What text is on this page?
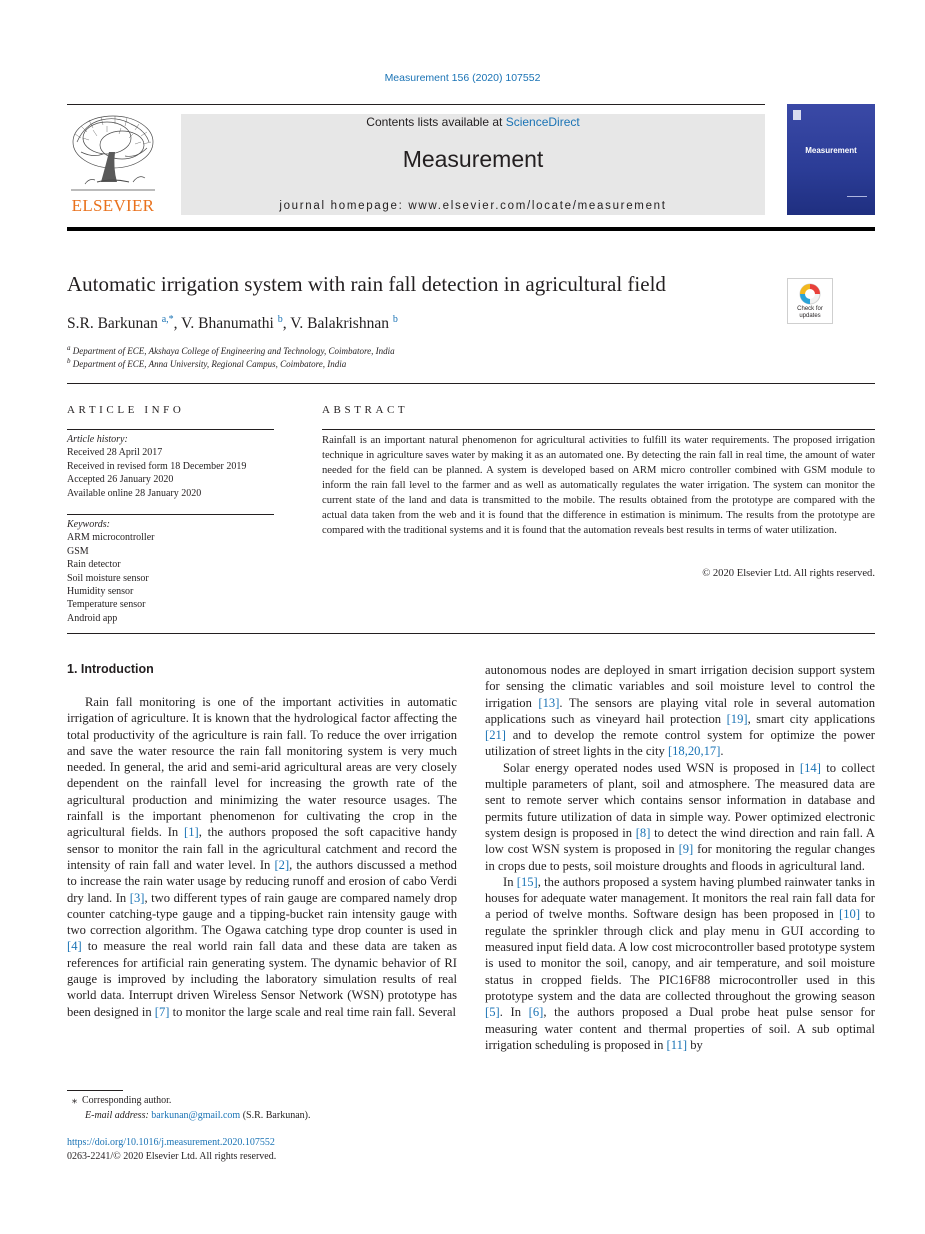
Measurement 156 (2020) 107552
ELSEVIER
Contents lists available at ScienceDirect
Measurement
journal homepage: www.elsevier.com/locate/measurement
Measurement
Automatic irrigation system with rain fall detection in agricultural field
Check for updates
S.R. Barkunan $^{a,*}$, V. Bhanumathi $^b$, V. Balakrishnan $^b$
$^a$ Department of ECE, Akshaya College of Engineering and Technology, Coimbatore, India
$^b$ Department of ECE, Anna University, Regional Campus, Coimbatore, India
ARTICLE INFO
Article history:
Received 28 April 2017
Received in revised form 18 December 2019
Accepted 26 January 2020
Available online 28 January 2020
Keywords:
ARM microcontroller
GSM
Rain detector
Soil moisture sensor
Humidity sensor
Temperature sensor
Android app
ABSTRACT
Rainfall is an important natural phenomenon for agricultural activities to fulfill its water requirements. The proposed irrigation technique in agriculture saves water by making it as an automated one. By detecting the rain fall in real time, the amount of water needed for the field can be planned. A system is developed based on ARM micro controller combined with GSM module to inform the rain fall level to the farmer and as well as automatically regulates the water irrigation. The system can monitor the current state of the land and data is transmitted to the mobile. The results obtained from the prototype are compared with the actual data taken from the web and it is found that the difference in estimation is minimum. The results from the prototype are compared with the traditional systems and it is found that the automation reveals best results in terms of water utilization.
© 2020 Elsevier Ltd. All rights reserved.
1. Introduction

Rain fall monitoring is one of the important activities in automatic irrigation of agriculture. It is known that the hydrological factor affecting the total productivity of the agriculture is rain fall. To reduce the over irrigation and save the water resource the rain fall monitoring system is very much needed. In general, the arid and semi-arid agricultural areas are very closely dependent on the rainfall level for increasing the growth rate of the agricultural production and minimizing the water resource usages. The rainfall is the important phenomenon for cultivating the crop in the agricultural fields. In [1], the authors proposed the soft capacitive handy sensor to monitor the rain fall in the agricultural catchment and record the intensity of rain fall and water level. In [2], the authors discussed a method to increase the rain water usage by reducing runoff and erosion of cabo Verdi dry land. In [3], two different types of rain gauge are compared namely drop counter catching-type gauge and a tipping-bucket rain intensity gauge with two correction algorithm. The Ogawa catching type drop counter is used in [4] to measure the real world rain fall data and these data are taken as references for artificial rain generating system. The dynamic behavior of RI gauge is improved by including the laboratory simulation results of real world data. Interrupt driven Wireless Sensor Network (WSN) prototype has been designed in [7] to monitor the large scale and real time rain fall. Several

autonomous nodes are deployed in smart irrigation decision support system for sensing the climatic variables and soil moisture level to control the irrigation [13]. The sensors are playing vital role in several automation applications such as vineyard hail protection [19], smart city applications [21] and to develop the remote control system for optimize the power utilization of street lights in the city [18,20,17].

Solar energy operated nodes used WSN is proposed in [14] to collect multiple parameters of plant, soil and atmosphere. The measured data are sent to remote server which contains sensor information in database and permits future utilization of data in simple way. Power optimized electronic system design is proposed in [8] to detect the wind direction and rain fall. A low cost WSN system is proposed in [9] for monitoring the regular changes in crops due to pests, soil moisture droughts and floods in agricultural land.

In [15], the authors proposed a system having plumbed rainwater tanks in houses for adequate water management. It monitors the real rain fall data for a period of twelve months. Software design has been proposed in [10] to regulate the sprinkler through click and play menu in GUI according to measured input field data. A low cost microcontroller based prototype system is used to monitor the soil, canopy, and air temperature, and soil moisture status in cropped fields. The PIC16F88 microcontroller used in this prototype system and the data are collected throughout the growing season [5]. In [6], the authors proposed a Dual probe heat pulse sensor for measuring water content and thermal properties of soil. A sub optimal irrigation scheduling is proposed in [11] by

⁎ Corresponding author.
E-mail address: barkunan@gmail.com (S.R. Barkunan).
https://doi.org/10.1016/j.measurement.2020.107552
0263-2241/© 2020 Elsevier Ltd. All rights reserved.
